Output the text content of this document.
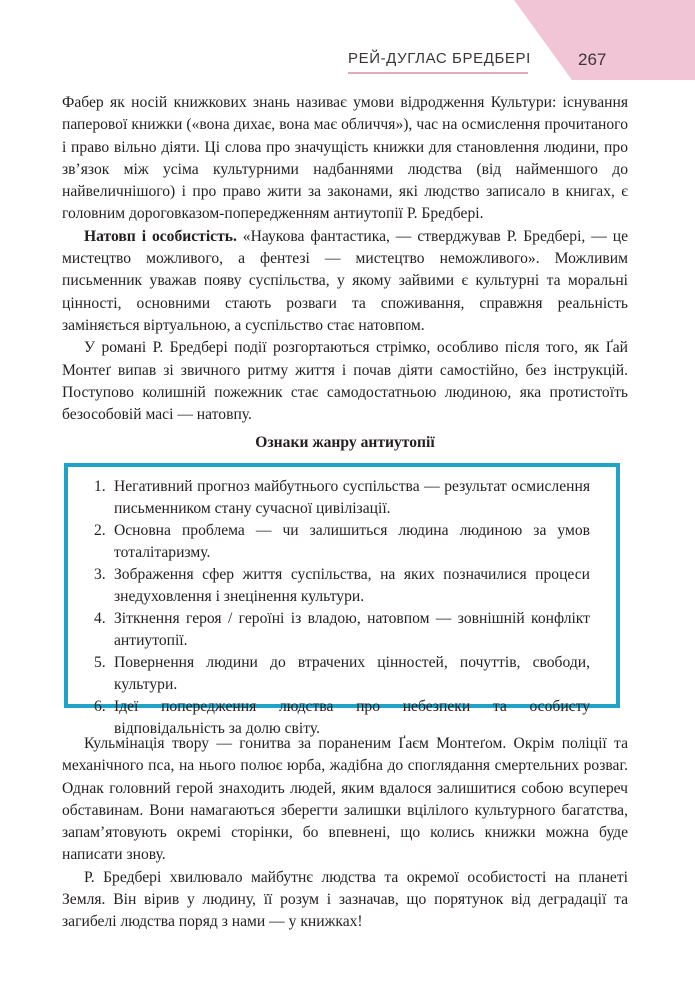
РЕЙ-ДУГЛАС БРЕДБЕРІ	267

Фабер як носій книжкових знань називає умови відродження Культури: існування паперової книжки («вона дихає, вона має обличчя»), час на осмислення прочитаного і право вільно діяти. Ці слова про значущість книжки для становлення людини, про зв’язок між усіма культурними надбаннями людства (від найменшого до найвеличнішого) і про право жити за законами, які людство записало в книгах, є головним дороговказом-попередженням антиутопії Р. Бредбері.

Натовп і особистість. «Наукова фантастика, — стверджував Р. Бредбері, — це мистецтво можливого, а фентезі — мистецтво неможливого». Можливим письменник уважав появу суспільства, у якому зайвими є культурні та моральні цінності, основними стають розваги та споживання, справжня реальність заміняється віртуальною, а суспільство стає натовпом.

У романі Р. Бредбері події розгортаються стрімко, особливо після того, як Ґай Монтеґ випав зі звичного ритму життя і почав діяти самостійно, без інструкцій. Поступово колишній пожежник стає самодостатньою людиною, яка протистоїть безособовій масі — натовпу.

Ознаки жанру антиутопії
1. Негативний прогноз майбутнього суспільства — результат осмислення письменником стану сучасної цивілізації.
2. Основна проблема — чи залишиться людина людиною за умов тоталітаризму.
3. Зображення сфер життя суспільства, на яких позначилися процеси знедуховлення і знецінення культури.
4. Зіткнення героя / героїні із владою, натовпом — зовнішній конфлікт антиутопії.
5. Повернення людини до втрачених цінностей, почуттів, свободи, культури.
6. Ідеї попередження людства про небезпеки та особисту відповідальність за долю світу.

Кульмінація твору — гонитва за пораненим Ґаєм Монтеґом. Окрім поліції та механічного пса, на нього полює юрба, жадібна до споглядання смертельних розваг. Однак головний герой знаходить людей, яким вдалося залишитися собою всупереч обставинам. Вони намагаються зберегти залишки вцілілого культурного багатства, запам’ятовують окремі сторінки, бо впевнені, що колись книжки можна буде написати знову.

Р. Бредбері хвилювало майбутнє людства та окремої особистості на планеті Земля. Він вірив у людину, її розум і зазначав, що порятунок від деградації та загибелі людства поряд з нами — у книжках!
